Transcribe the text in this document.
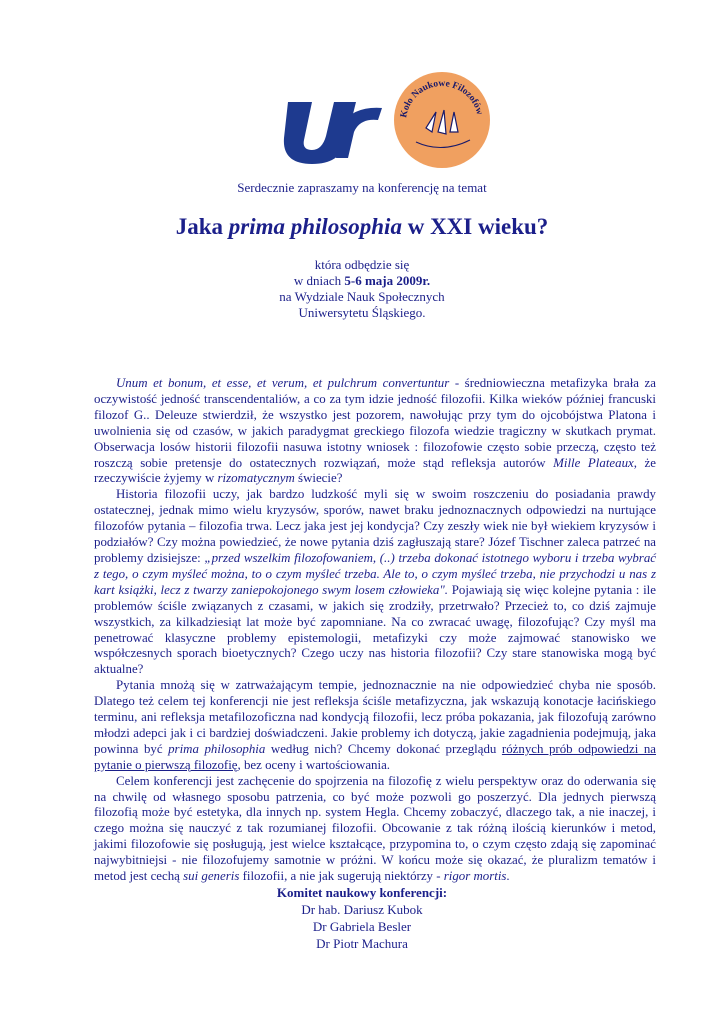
Koło Naukowe Filozofów
Serdecznie zapraszamy na konferencję na temat
Jaka prima philosophia w XXI wieku?
która odbędzie się
w dniach 5-6 maja 2009r.
na Wydziale Nauk Społecznych
Uniwersytetu Śląskiego.

Unum et bonum, et esse, et verum, et pulchrum convertuntur - średniowieczna metafizyka brała za oczywistość jedność transcendentaliów, a co za tym idzie jedność filozofii. Kilka wieków później francuski filozof G.. Deleuze stwierdził, że wszystko jest pozorem, nawołując przy tym do ojcobójstwa Platona i uwolnienia się od czasów, w jakich paradygmat greckiego filozofa wiedzie tragiczny w skutkach prymat. Obserwacja losów historii filozofii nasuwa istotny wniosek : filozofowie często sobie przeczą, często też roszczą sobie pretensje do ostatecznych rozwiązań, może stąd refleksja autorów Mille Plateaux, że rzeczywiście żyjemy w rizomatycznym świecie?

Historia filozofii uczy, jak bardzo ludzkość myli się w swoim roszczeniu do posiadania prawdy ostatecznej, jednak mimo wielu kryzysów, sporów, nawet braku jednoznacznych odpowiedzi na nurtujące filozofów pytania – filozofia trwa. Lecz jaka jest jej kondycja? Czy zeszły wiek nie był wiekiem kryzysów i podziałów? Czy można powiedzieć, że nowe pytania dziś zagłuszają stare? Józef Tischner zaleca patrzeć na problemy dzisiejsze: „przed wszelkim filozofowaniem, (..) trzeba dokonać istotnego wyboru i trzeba wybrać z tego, o czym myśleć można, to o czym myśleć trzeba. Ale to, o czym myśleć trzeba, nie przychodzi u nas z kart książki, lecz z twarzy zaniepokojonego swym losem człowieka". Pojawiają się więc kolejne pytania : ile problemów ściśle związanych z czasami, w jakich się zrodziły, przetrwało? Przecież to, co dziś zajmuje wszystkich, za kilkadziesiąt lat może być zapomniane. Na co zwracać uwagę, filozofując? Czy myśl ma penetrować klasyczne problemy epistemologii, metafizyki czy może zajmować stanowisko we współczesnych sporach bioetycznych? Czego uczy nas historia filozofii? Czy stare stanowiska mogą być aktualne?

Pytania mnożą się w zatrważającym tempie, jednoznacznie na nie odpowiedzieć chyba nie sposób. Dlatego też celem tej konferencji nie jest refleksja ściśle metafizyczna, jak wskazują konotacje łacińskiego terminu, ani refleksja metafilozoficzna nad kondycją filozofii, lecz próba pokazania, jak filozofują zarówno młodzi adepci jak i ci bardziej doświadczeni. Jakie problemy ich dotyczą, jakie zagadnienia podejmują, jaka powinna być prima philosophia według nich? Chcemy dokonać przeglądu różnych prób odpowiedzi na pytanie o pierwszą filozofię, bez oceny i wartościowania.

Celem konferencji jest zachęcenie do spojrzenia na filozofię z wielu perspektyw oraz do oderwania się na chwilę od własnego sposobu patrzenia, co być może pozwoli go poszerzyć. Dla jednych pierwszą filozofią może być estetyka, dla innych np. system Hegla. Chcemy zobaczyć, dlaczego tak, a nie inaczej, i czego można się nauczyć z tak rozumianej filozofii. Obcowanie z tak różną ilością kierunków i metod, jakimi filozofowie się posługują, jest wielce kształcące, przypomina to, o czym często zdają się zapominać najwybitniejsi - nie filozofujemy samotnie w próżni. W końcu może się okazać, że pluralizm tematów i metod jest cechą sui generis filozofii, a nie jak sugerują niektórzy - rigor mortis.

Komitet naukowy konferencji:
Dr hab. Dariusz Kubok
Dr Gabriela Besler
Dr Piotr Machura
